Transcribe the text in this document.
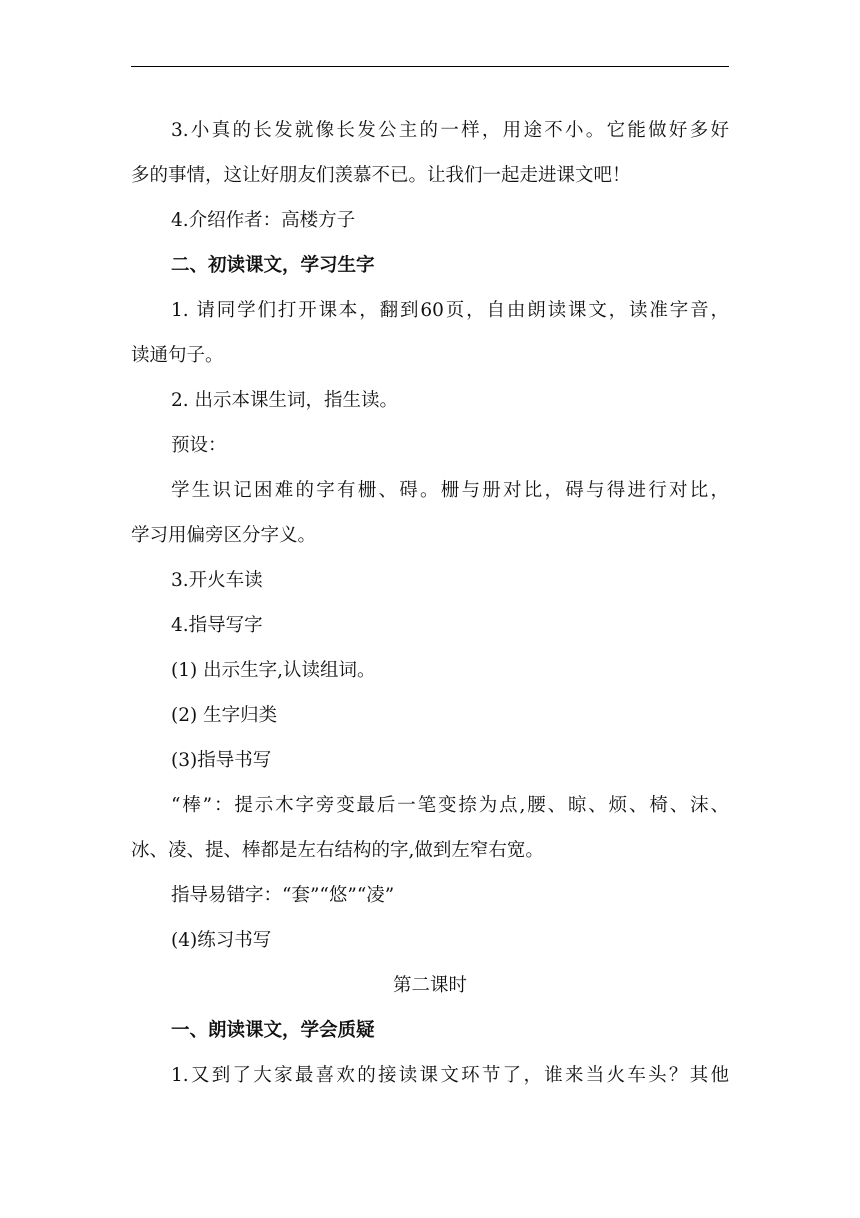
3.小真的长发就像长发公主的一样，用途不小。它能做好多好
多的事情，这让好朋友们羡慕不已。让我们一起走进课文吧！
4.介绍作者：高楼方子
二、初读课文，学习生字
1. 请同学们打开课本，翻到60页，自由朗读课文，读准字音，
读通句子。
2. 出示本课生词，指生读。
预设：
学生识记困难的字有栅、碍。栅与册对比，碍与得进行对比，
学习用偏旁区分字义。
3.开火车读
4.指导写字
(1) 出示生字,认读组词。
(2) 生字归类
(3)指导书写
“棒”：提示木字旁变最后一笔变捺为点,腰、晾、烦、椅、沫、
冰、凌、提、棒都是左右结构的字,做到左窄右宽。
指导易错字：“套”“悠”“凌”
(4)练习书写
第二课时
一、朗读课文，学会质疑
1.又到了大家最喜欢的接读课文环节了，谁来当火车头？其他
